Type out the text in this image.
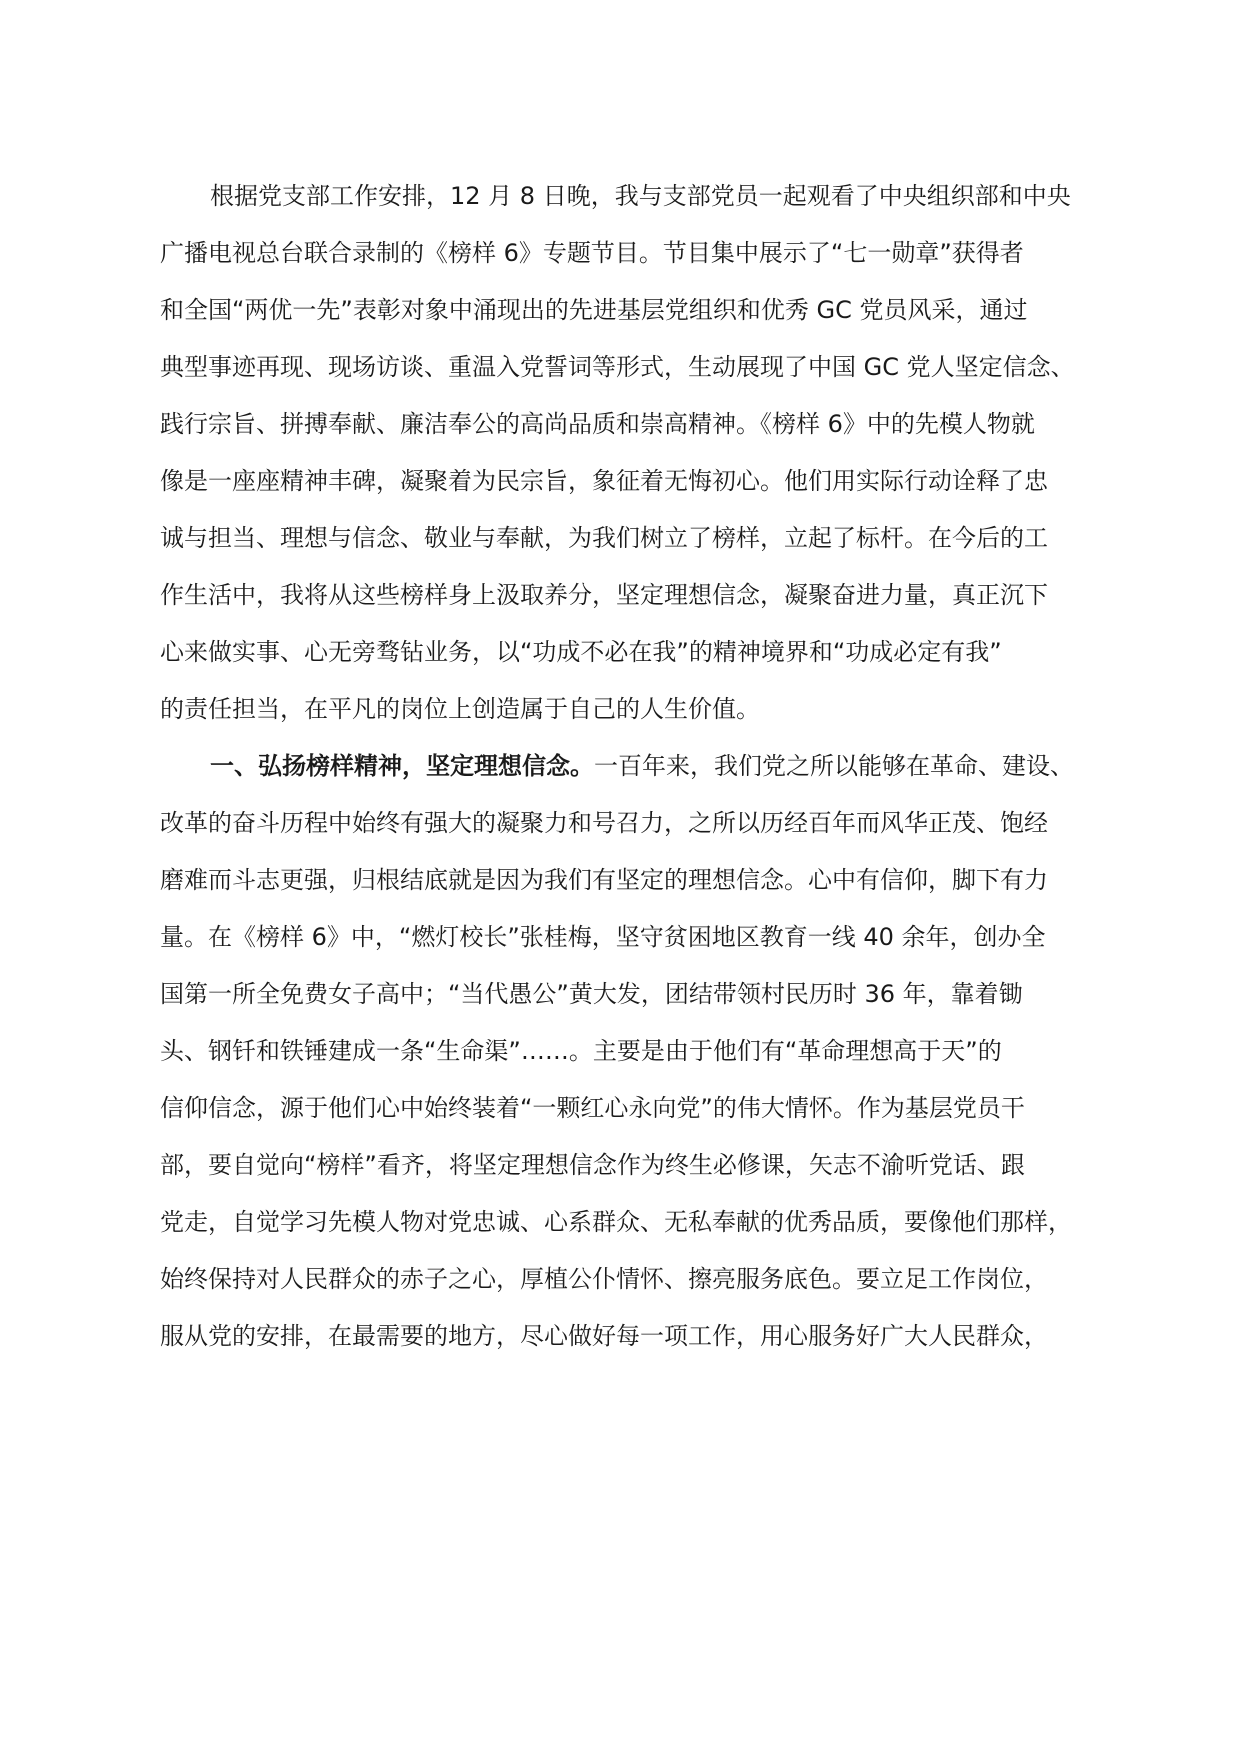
根据党支部工作安排，12 月 8 日晚，我与支部党员一起观看了中央组织部和中央
广播电视总台联合录制的《榜样 6》专题节目。节目集中展示了“七一勋章”获得者
和全国“两优一先”表彰对象中涌现出的先进基层党组织和优秀 GC 党员风采，通过
典型事迹再现、现场访谈、重温入党誓词等形式，生动展现了中国 GC 党人坚定信念、
践行宗旨、拼搏奉献、廉洁奉公的高尚品质和崇高精神。《榜样 6》中的先模人物就
像是一座座精神丰碑，凝聚着为民宗旨，象征着无悔初心。他们用实际行动诠释了忠
诚与担当、理想与信念、敬业与奉献，为我们树立了榜样，立起了标杆。在今后的工
作生活中，我将从这些榜样身上汲取养分，坚定理想信念，凝聚奋进力量，真正沉下
心来做实事、心无旁骛钻业务，以“功成不必在我”的精神境界和“功成必定有我”
的责任担当，在平凡的岗位上创造属于自己的人生价值。
一、弘扬榜样精神，坚定理想信念。一百年来，我们党之所以能够在革命、建设、
改革的奋斗历程中始终有强大的凝聚力和号召力，之所以历经百年而风华正茂、饱经
磨难而斗志更强，归根结底就是因为我们有坚定的理想信念。心中有信仰，脚下有力
量。在《榜样 6》中，“燃灯校长”张桂梅，坚守贫困地区教育一线 40 余年，创办全
国第一所全免费女子高中；“当代愚公”黄大发，团结带领村民历时 36 年，靠着锄
头、钢钎和铁锤建成一条“生命渠”……。主要是由于他们有“革命理想高于天”的
信仰信念，源于他们心中始终装着“一颗红心永向党”的伟大情怀。作为基层党员干
部，要自觉向“榜样”看齐，将坚定理想信念作为终生必修课，矢志不渝听党话、跟
党走，自觉学习先模人物对党忠诚、心系群众、无私奉献的优秀品质，要像他们那样，
始终保持对人民群众的赤子之心，厚植公仆情怀、擦亮服务底色。要立足工作岗位，
服从党的安排，在最需要的地方，尽心做好每一项工作，用心服务好广大人民群众，
